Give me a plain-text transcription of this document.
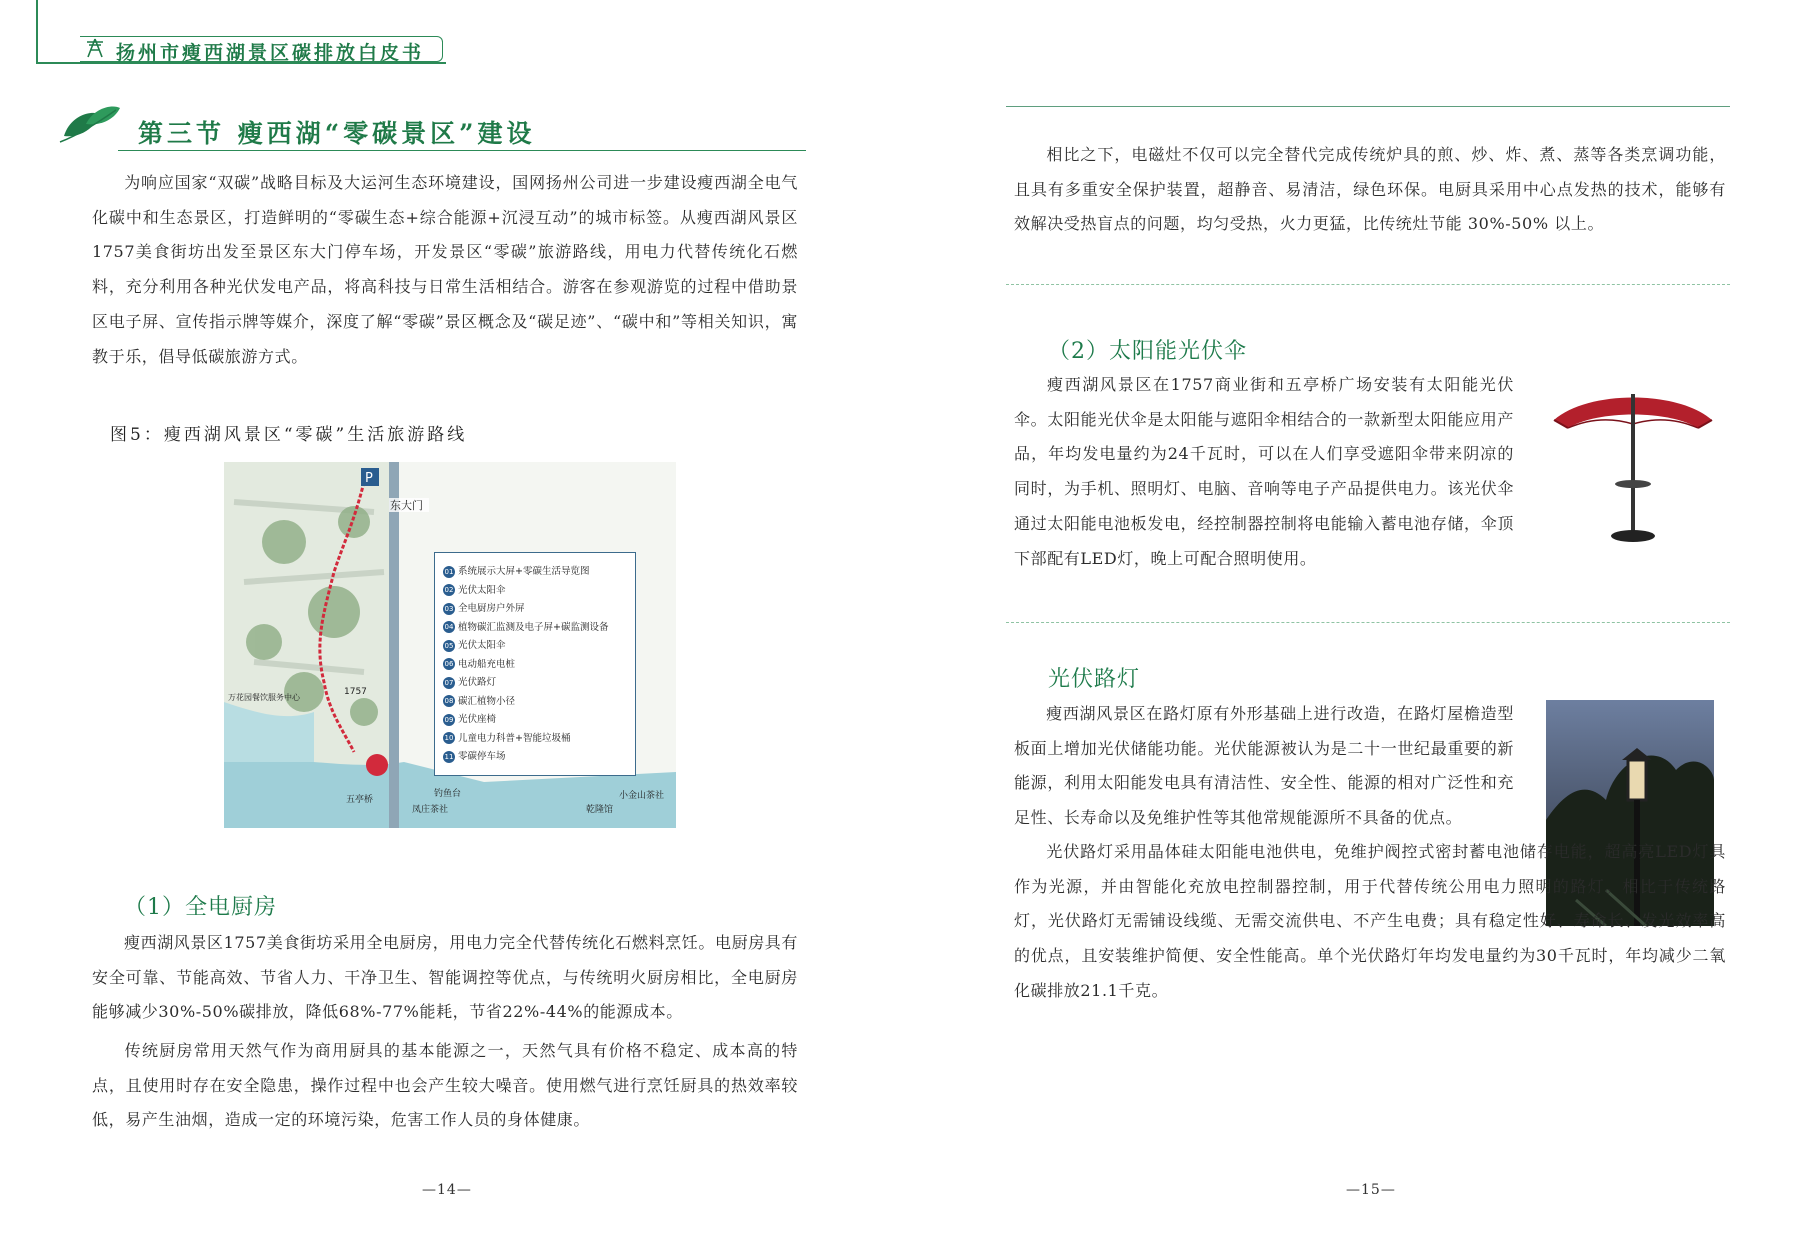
扬州市瘦西湖景区碳排放白皮书
第三节 瘦西湖“零碳景区”建设

为响应国家“双碳”战略目标及大运河生态环境建设，国网扬州公司进一步建设瘦西湖全电气化碳中和生态景区，打造鲜明的“零碳生态+综合能源+沉浸互动”的城市标签。从瘦西湖风景区1757美食街坊出发至景区东大门停车场，开发景区“零碳”旅游路线，用电力代替传统化石燃料，充分利用各种光伏发电产品，将高科技与日常生活相结合。游客在参观游览的过程中借助景区电子屏、宣传指示牌等媒介，深度了解“零碳”景区概念及“碳足迹”、“碳中和”等相关知识，寓教于乐，倡导低碳旅游方式。

图5：瘦西湖风景区“零碳”生活旅游路线
P
东大门
1757
万花园餐饮服务中心
五亭桥
钓鱼台
凤庄茶社	乾隆馆
小金山茶社
01 系统展示大屏+零碳生活导览图
02 光伏太阳伞
03 全电厨房户外屏
04 植物碳汇监测及电子屏+碳监测设备
05 光伏太阳伞
06 电动船充电桩
07 光伏路灯
08 碳汇植物小径
09 光伏座椅
10 儿童电力科普+智能垃圾桶
11 零碳停车场
（1）全电厨房

瘦西湖风景区1757美食街坊采用全电厨房，用电力完全代替传统化石燃料烹饪。电厨房具有安全可靠、节能高效、节省人力、干净卫生、智能调控等优点，与传统明火厨房相比，全电厨房能够减少30%-50%碳排放，降低68%-77%能耗，节省22%-44%的能源成本。

传统厨房常用天然气作为商用厨具的基本能源之一，天然气具有价格不稳定、成本高的特点，且使用时存在安全隐患，操作过程中也会产生较大噪音。使用燃气进行烹饪厨具的热效率较低，易产生油烟，造成一定的环境污染，危害工作人员的身体健康。

—14—

相比之下，电磁灶不仅可以完全替代完成传统炉具的煎、炒、炸、煮、蒸等各类烹调功能，且具有多重安全保护装置，超静音、易清洁，绿色环保。电厨具采用中心点发热的技术，能够有效解决受热盲点的问题，均匀受热，火力更猛，比传统灶节能 30%-50% 以上。

（2）太阳能光伏伞

瘦西湖风景区在1757商业街和五亭桥广场安装有太阳能光伏伞。太阳能光伏伞是太阳能与遮阳伞相结合的一款新型太阳能应用产品，年均发电量约为24千瓦时，可以在人们享受遮阳伞带来阴凉的同时，为手机、照明灯、电脑、音响等电子产品提供电力。该光伏伞通过太阳能电池板发电，经控制器控制将电能输入蓄电池存储，伞顶下部配有LED灯，晚上可配合照明使用。

光伏路灯

瘦西湖风景区在路灯原有外形基础上进行改造，在路灯屋檐造型板面上增加光伏储能功能。光伏能源被认为是二十一世纪最重要的新能源，利用太阳能发电具有清洁性、安全性、能源的相对广泛性和充足性、长寿命以及免维护性等其他常规能源所不具备的优点。

光伏路灯采用晶体硅太阳能电池供电，免维护阀控式密封蓄电池储存电能，超高亮LED灯具作为光源，并由智能化充放电控制器控制，用于代替传统公用电力照明的路灯。相比于传统路灯，光伏路灯无需铺设线缆、无需交流供电、不产生电费；具有稳定性好、寿命长、发光效率高的优点，且安装维护简便、安全性能高。单个光伏路灯年均发电量约为30千瓦时，年均减少二氧化碳排放21.1千克。

—15—
